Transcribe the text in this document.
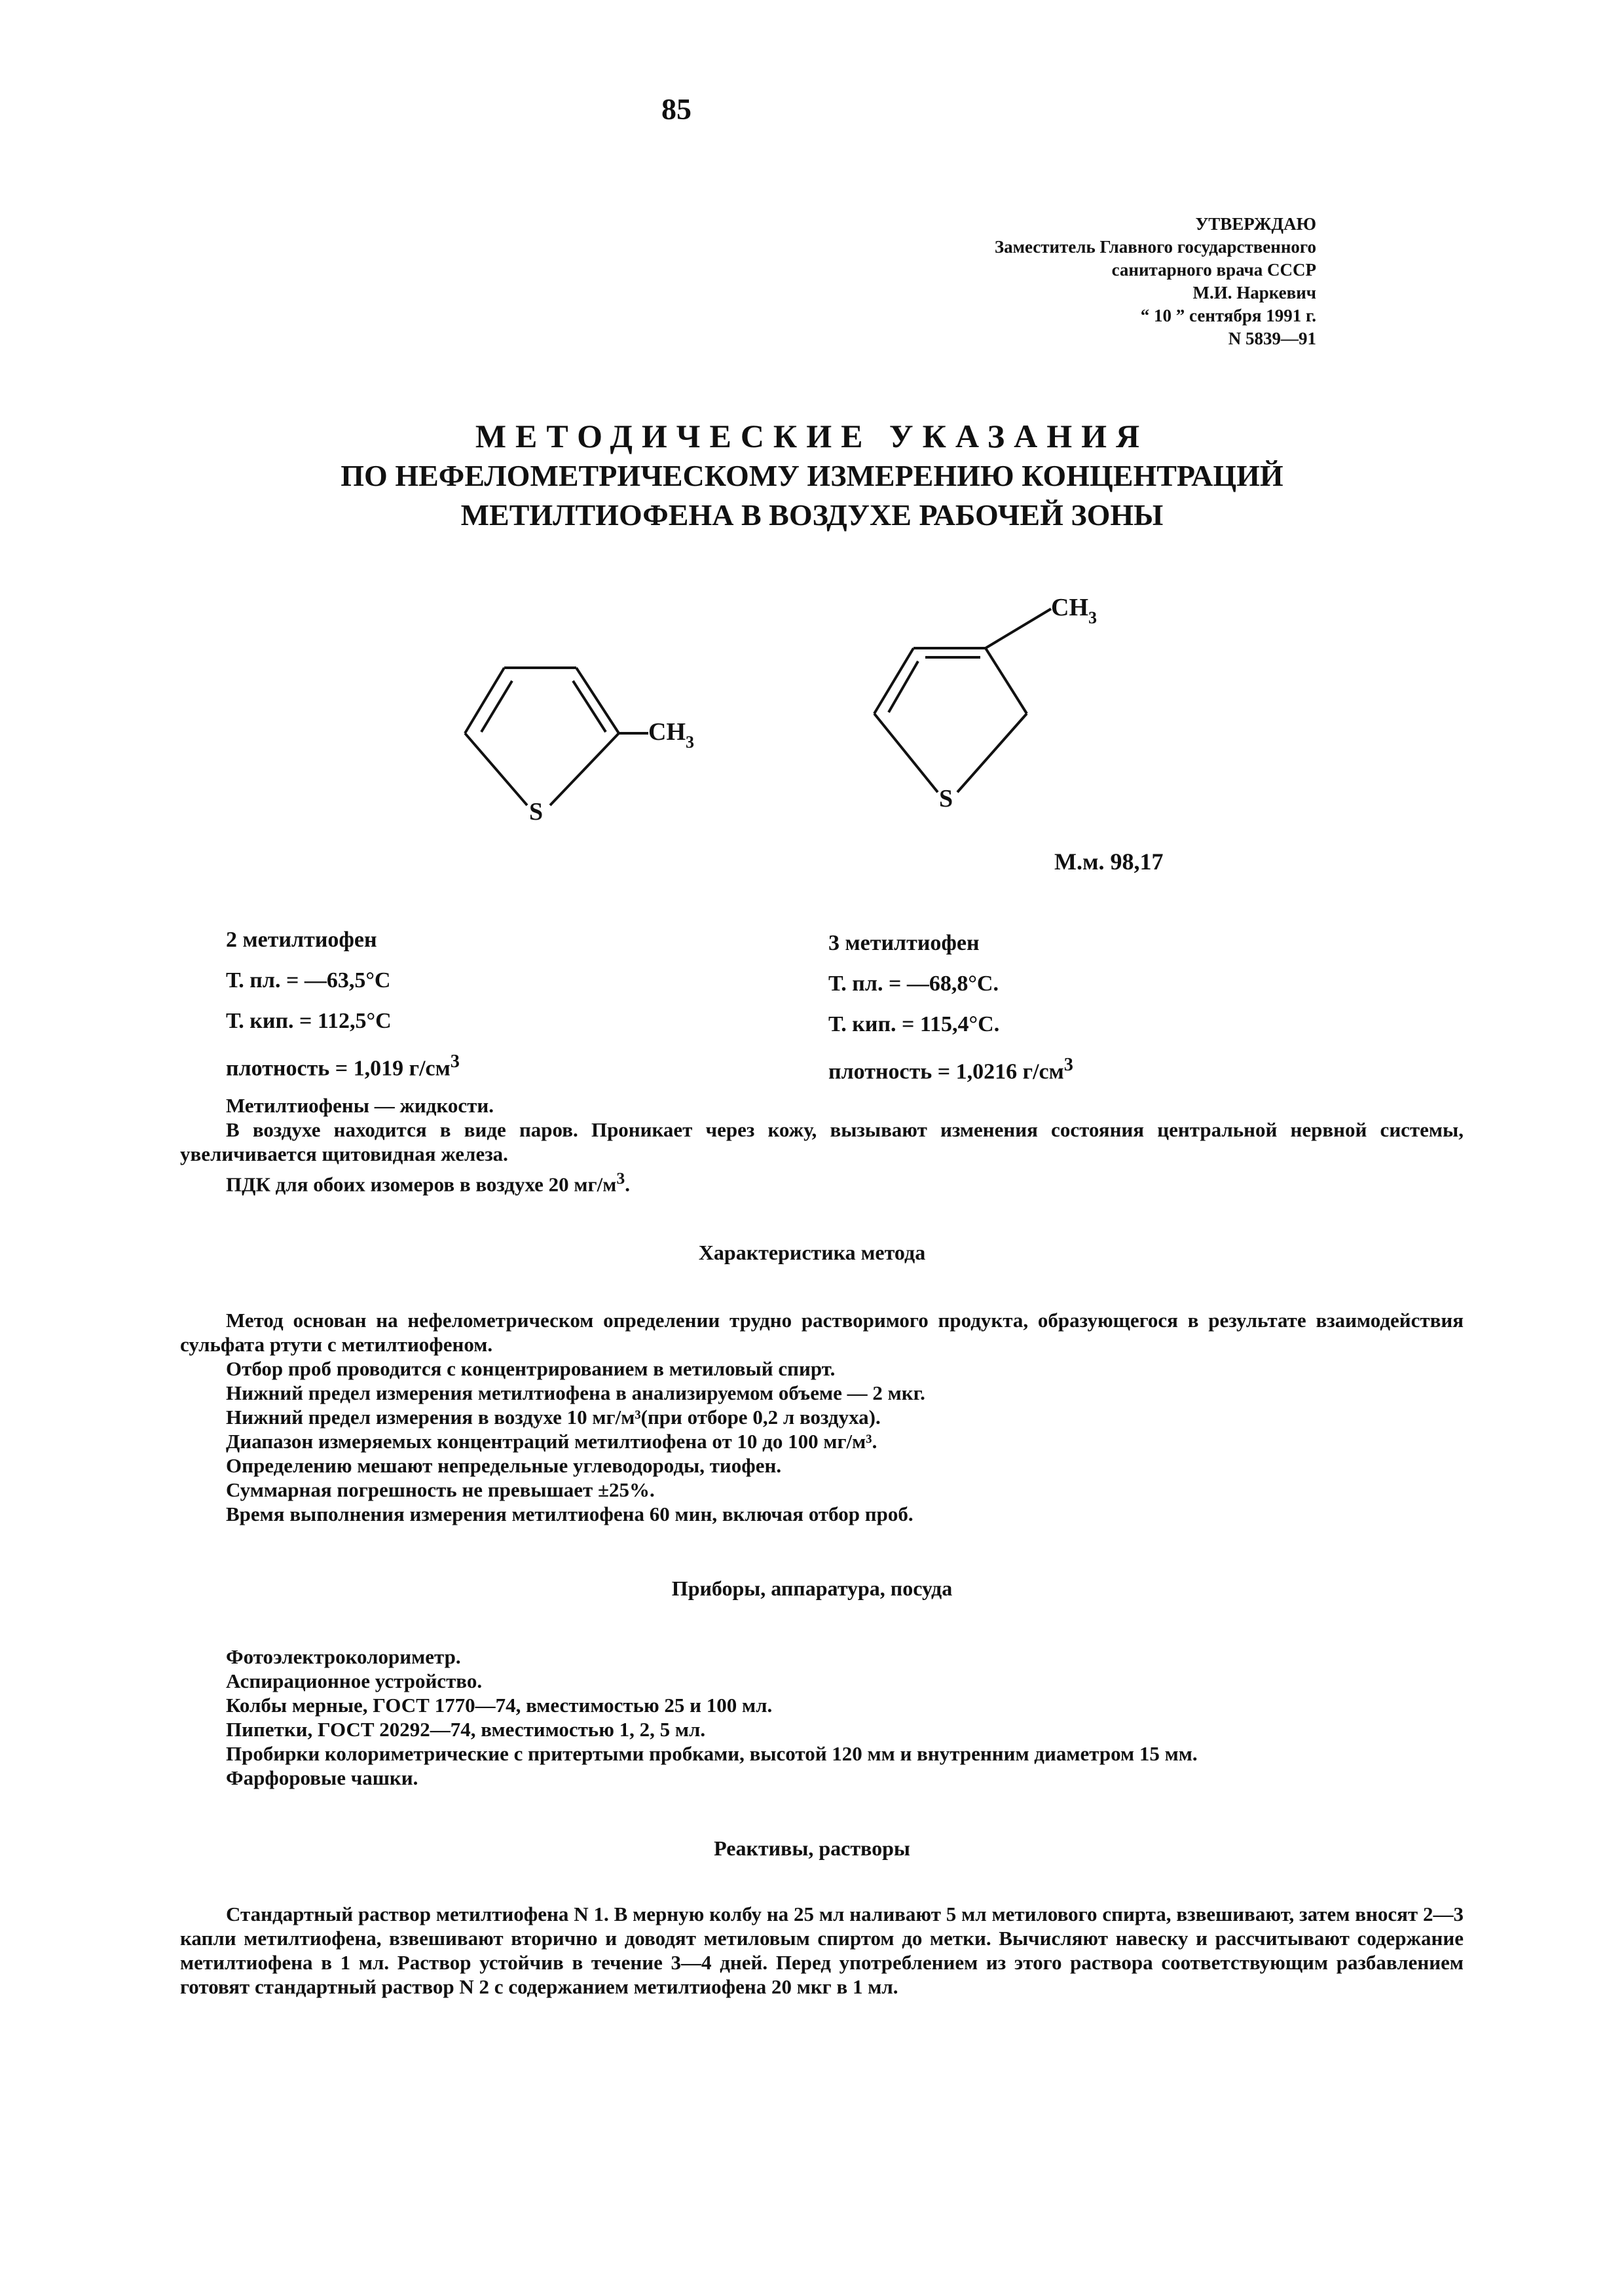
85
УТВЕРЖДАЮ
Заместитель Главного государственного
санитарного врача СССР
М.И. Наркевич
“ 10 ” сентября 1991 г.
N 5839—91
МЕТОДИЧЕСКИЕ УКАЗАНИЯ
ПО НЕФЕЛОМЕТРИЧЕСКОМУ ИЗМЕРЕНИЮ КОНЦЕНТРАЦИЙ
МЕТИЛТИОФЕНА В ВОЗДУХЕ РАБОЧЕЙ ЗОНЫ
S
$CH_3$
S
$CH_3$
М.м. 98,17
2 метилтиофен
Т. пл. = —63,5°С
Т. кип. = 112,5°С
плотность = 1,019 $г/см^3$
3 метилтиофен
Т. пл. = —68,8°С.
Т. кип. = 115,4°С.
плотность = 1,0216 $г/см^3$
Метилтиофены — жидкости.
В воздухе находится в виде паров. Проникает через кожу, вызывают изменения состояния центральной нервной системы, увеличивается щитовидная железа.
ПДК для обоих изомеров в воздухе 20 $мг/м^3$.
Характеристика метода
Метод основан на нефелометрическом определении трудно растворимого продукта, образующегося в результате взаимодействия сульфата ртути с метилтиофеном.
Отбор проб проводится с концентрированием в метиловый спирт.
Нижний предел измерения метилтиофена в анализируемом объеме — 2 мкг.
Нижний предел измерения в воздухе 10 мг/м³(при отборе 0,2 л воздуха).
Диапазон измеряемых концентраций метилтиофена от 10 до 100 мг/м³.
Определению мешают непредельные углеводороды, тиофен.
Суммарная погрешность не превышает ±25%.
Время выполнения измерения метилтиофена 60 мин, включая отбор проб.
Приборы, аппаратура, посуда
Фотоэлектроколориметр.
Аспирационное устройство.
Колбы мерные, ГОСТ 1770—74, вместимостью 25 и 100 мл.
Пипетки, ГОСТ 20292—74, вместимостью 1, 2, 5 мл.
Пробирки колориметрические с притертыми пробками, высотой 120 мм и внутренним диаметром 15 мм.
Фарфоровые чашки.
Реактивы, растворы
Стандартный раствор метилтиофена N 1. В мерную колбу на 25 мл наливают 5 мл метилового спирта, взвешивают, затем вносят 2—3 капли метилтиофена, взвешивают вторично и доводят метиловым спиртом до метки. Вычисляют навеску и рассчитывают содержание метилтиофена в 1 мл. Раствор устойчив в течение 3—4 дней. Перед употреблением из этого раствора соответствующим разбавлением готовят стандартный раствор N 2 с содержанием метилтиофена 20 мкг в 1 мл.
